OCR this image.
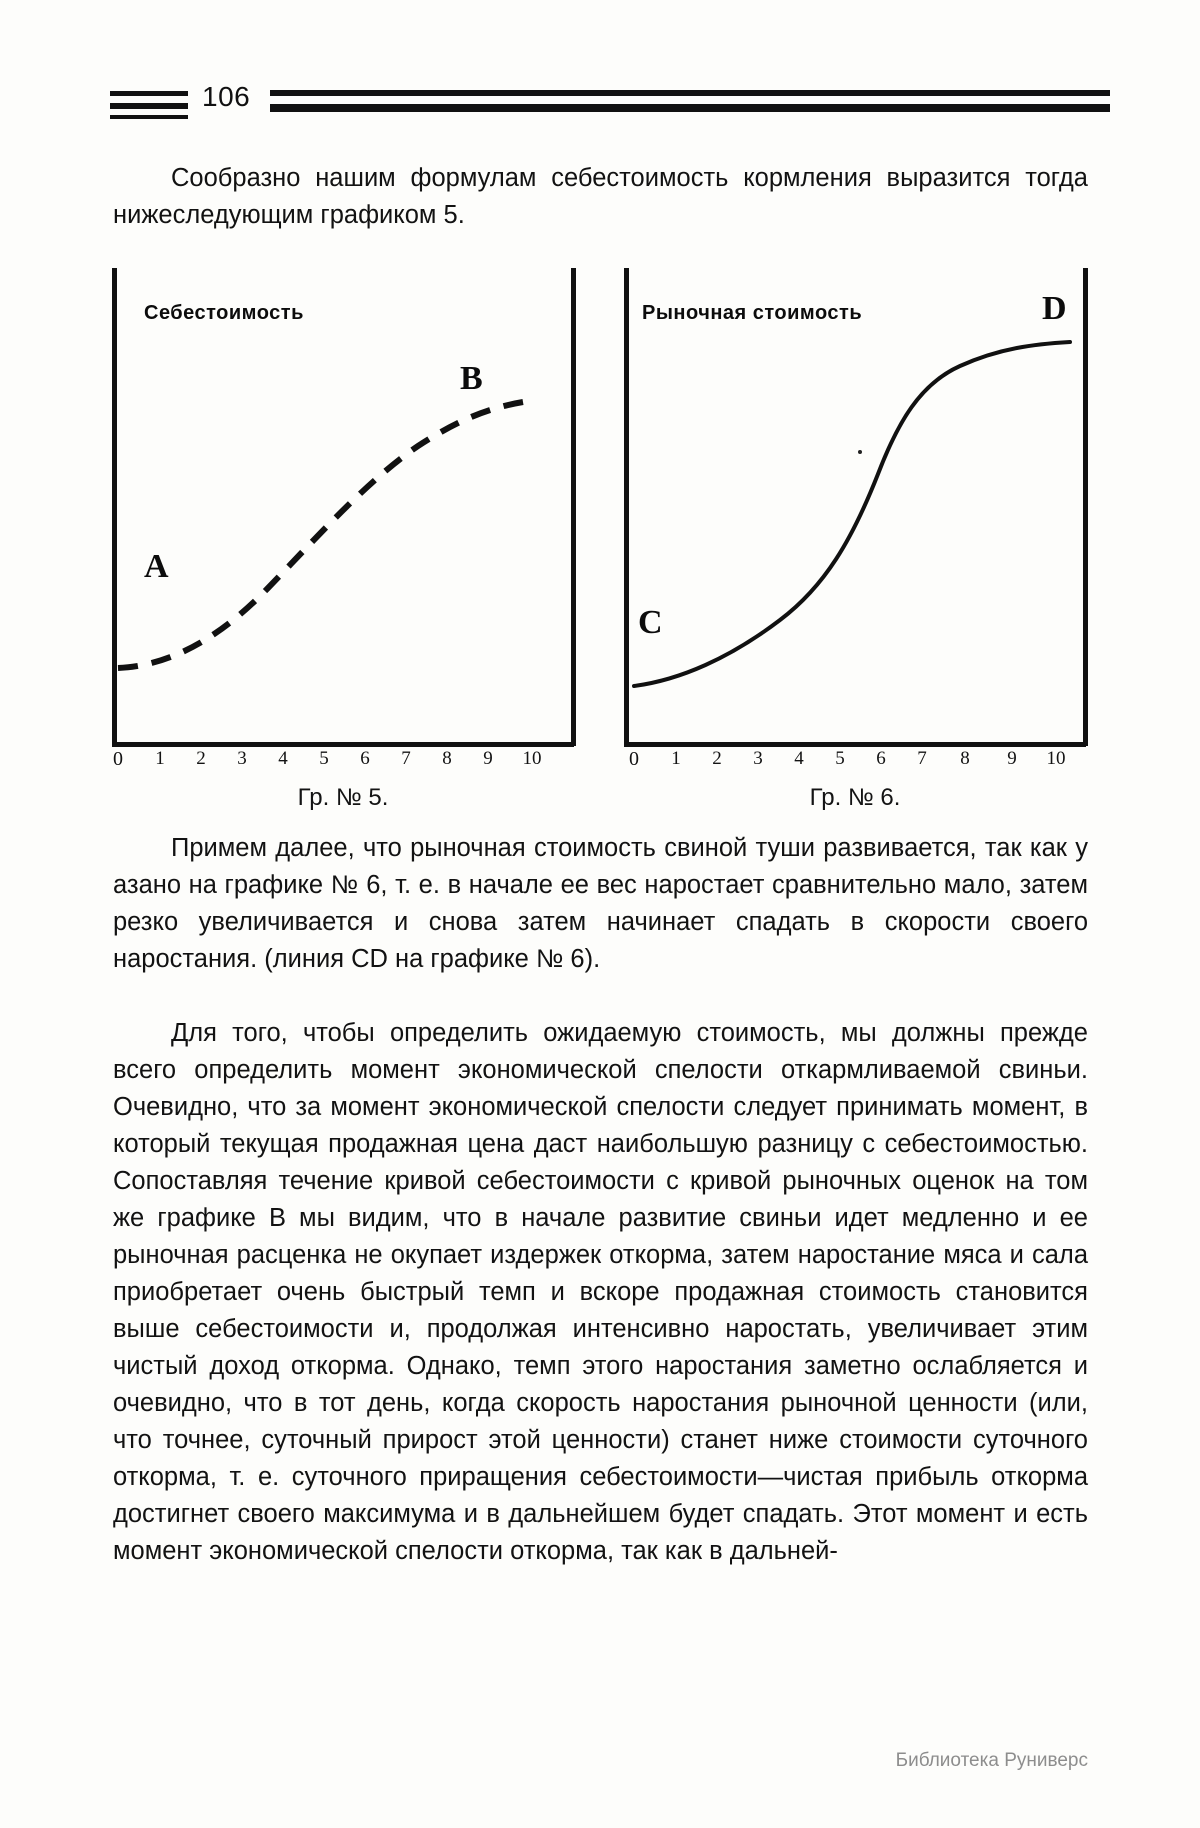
106
Сообразно нашим формулам себестоимость кормления выразится тогда нижеследующим графиком 5.
Себестоимость
A
B
0 1 2 3 4 5 6 7 8 9 10
Гр. № 5.
Рыночная стоимость
C
D
0 1 2 3 4 5 6 7 8 9 10
Гр. № 6.
Примем далее, что рыночная стоимость свиной туши развивается, так как у азано на графике № 6, т. е. в начале ее вес наростает сравнительно мало, затем резко увеличивается и снова затем начинает спадать в скорости своего наростания. (линия CD на графике № 6).
Для того, чтобы определить ожидаемую стоимость, мы должны прежде всего определить момент экономической спелости откармливаемой свиньи. Очевидно, что за момент экономической спелости следует принимать момент, в который текущая продажная цена даст наибольшую разницу с себестоимостью. Сопоставляя течение кривой себестоимости с кривой рыночных оценок на том же графике В мы видим, что в начале развитие свиньи идет медленно и ее рыночная расценка не окупает издержек откорма, затем наростание мяса и сала приобретает очень быстрый темп и вскоре продажная стоимость становится выше себестоимости и, продолжая интенсивно наростать, увеличивает этим чистый доход откорма. Однако, темп этого наростания заметно ослабляется и очевидно, что в тот день, когда скорость наростания рыночной ценности (или, что точнее, суточный прирост этой ценности) станет ниже стоимости суточного откорма, т. е. суточного приращения себестоимости—чистая прибыль откорма достигнет своего максимума и в дальнейшем будет спадать. Этот момент и есть момент экономической спелости откорма, так как в дальней-
Библиотека Руниверс
